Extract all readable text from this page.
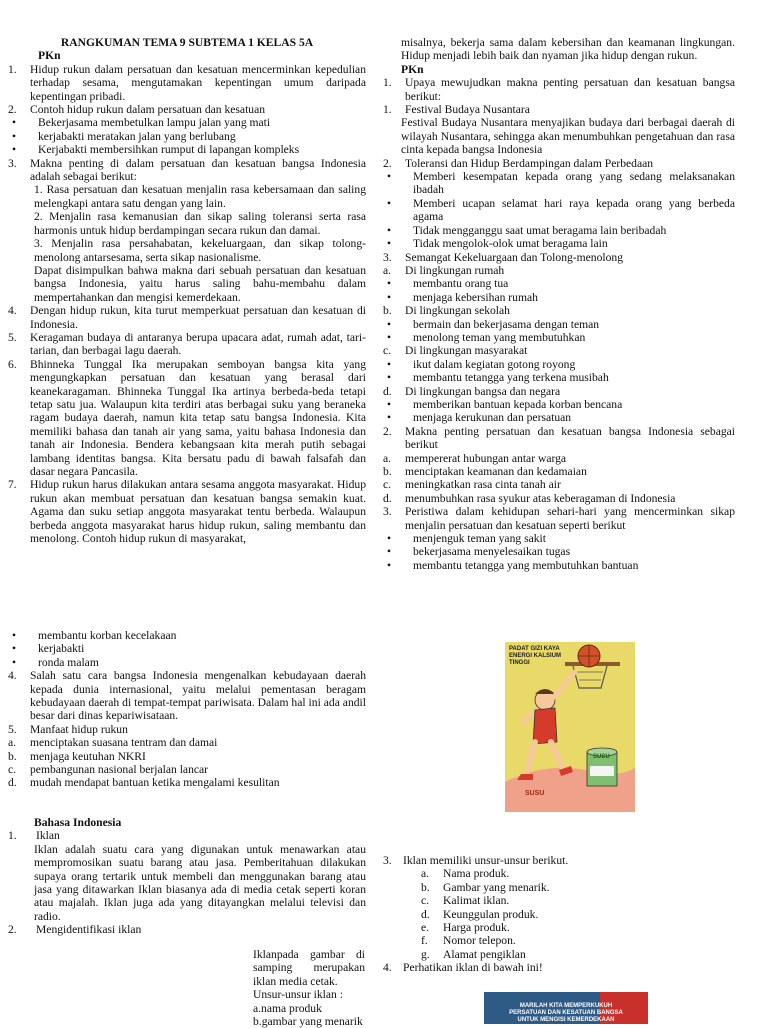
RANGKUMAN TEMA 9 SUBTEMA 1 KELAS 5A
PKn
1.	Hidup rukun dalam persatuan dan kesatuan mencerminkan kepedulian terhadap sesama, mengutamakan kepentingan umum daripada kepentingan pribadi.
2.	Contoh hidup rukun dalam persatuan dan kesatuan
•	Bekerjasama membetulkan lampu jalan yang mati
•	kerjabakti meratakan jalan yang berlubang
•	Kerjabakti membersihkan rumput di lapangan kompleks
3.	Makna penting di dalam persatuan dan kesatuan bangsa Indonesia adalah sebagai berikut:

1. Rasa persatuan dan kesatuan menjalin rasa kebersamaan dan saling melengkapi antara satu dengan yang lain.

2. Menjalin rasa kemanusian dan sikap saling toleransi serta rasa harmonis untuk hidup berdampingan secara rukun dan damai.

3. Menjalin rasa persahabatan, kekeluargaan, dan sikap tolong-menolong antarsesama, serta sikap nasionalisme.

Dapat disimpulkan bahwa makna dari sebuah persatuan dan kesatuan bangsa Indonesia, yaitu harus saling bahu-membahu dalam mempertahankan dan mengisi kemerdekaan.

4.	Dengan hidup rukun, kita turut memperkuat persatuan dan kesatuan di Indonesia.
5.	Keragaman budaya di antaranya berupa upacara adat, rumah adat, tari-tarian, dan berbagai lagu daerah.
6.	Bhinneka Tunggal Ika merupakan semboyan bangsa kita yang mengungkapkan persatuan dan kesatuan yang berasal dari keanekaragaman. Bhinneka Tunggal Ika artinya berbeda-beda tetapi tetap satu jua. Walaupun kita terdiri atas berbagai suku yang beraneka ragam budaya daerah, namun kita tetap satu bangsa Indonesia. Kita memiliki bahasa dan tanah air yang sama, yaitu bahasa Indonesia dan tanah air Indonesia. Bendera kebangsaan kita merah putih sebagai lambang identitas bangsa. Kita bersatu padu di bawah falsafah dan dasar negara Pancasila.
7.	Hidup rukun harus dilakukan antara sesama anggota masyarakat. Hidup rukun akan membuat persatuan dan kesatuan bangsa semakin kuat. Agama dan suku setiap anggota masyarakat tentu berbeda. Walaupun berbeda anggota masyarakat harus hidup rukun, saling membantu dan menolong. Contoh hidup rukun di masyarakat,

misalnya, bekerja sama dalam kebersihan dan keamanan lingkungan. Hidup menjadi lebih baik dan nyaman jika hidup dengan rukun.

PKn
1.	Upaya mewujudkan makna penting persatuan dan kesatuan bangsa berikut:
1.	Festival Budaya Nusantara

Festival Budaya Nusantara menyajikan budaya dari berbagai daerah di wilayah Nusantara, sehingga akan menumbuhkan pengetahuan dan rasa cinta kepada bangsa Indonesia

2.	Toleransi dan Hidup Berdampingan dalam Perbedaan
•	Memberi kesempatan kepada orang yang sedang melaksanakan ibadah
•	Memberi ucapan selamat hari raya kepada orang yang berbeda agama
•	Tidak mengganggu saat umat beragama lain beribadah
•	Tidak mengolok-olok umat beragama lain
3.	Semangat Kekeluargaan dan Tolong-menolong
a.	Di lingkungan rumah
•	membantu orang tua
•	menjaga kebersihan rumah
b.	Di lingkungan sekolah
•	bermain dan bekerjasama dengan teman
•	menolong teman yang membutuhkan
c.	Di lingkungan masyarakat
•	ikut dalam kegiatan gotong royong
•	membantu tetangga yang terkena musibah
d.	Di lingkungan bangsa dan negara
•	memberikan bantuan kepada korban bencana
•	menjaga kerukunan dan persatuan
2.	Makna penting persatuan dan kesatuan bangsa Indonesia sebagai berikut
a.	mempererat hubungan antar warga
b.	menciptakan keamanan dan kedamaian
c.	meningkatkan rasa cinta tanah air
d.	menumbuhkan rasa syukur atas keberagaman di Indonesia
3.	Peristiwa dalam kehidupan sehari-hari yang mencerminkan sikap menjalin persatuan dan kesatuan seperti berikut
•	menjenguk teman yang sakit
•	bekerjasama menyelesaikan tugas
•	membantu tetangga yang membutuhkan bantuan
•	membantu korban kecelakaan
•	kerjabakti
•	ronda malam
4.	Salah satu cara bangsa Indonesia mengenalkan kebudayaan daerah kepada dunia internasional, yaitu melalui pementasan beragam kebudayaan daerah di tempat-tempat pariwisata. Dalam hal ini ada andil besar dari dinas kepariwisataan.
5.	Manfaat hidup rukun
a.	menciptakan suasana tentram dan damai
b.	menjaga keutuhan NKRI
c.	pembangunan nasional berjalan lancar
d.	mudah mendapat bantuan ketika mengalami kesulitan
PADAT GIZI KAYA ENERGI KALSIUM TINGGI
SUSU
SUSU
Bahasa Indonesia
1.	Iklan

Iklan adalah suatu cara yang digunakan untuk menawarkan atau mempromosikan suatu barang atau jasa. Pemberitahuan dilakukan supaya orang tertarik untuk membeli dan menggunakan barang atau jasa yang ditawarkan Iklan biasanya ada di media cetak seperti koran atau majalah. Iklan juga ada yang ditayangkan melalui televisi dan radio.

2.	Mengidentifikasi iklan

Iklanpada gambar di samping merupakan iklan media cetak.

Unsur-unsur iklan :
a.nama produk
b.gambar yang menarik
3. Iklan memiliki unsur-unsur berikut.
a.	Nama produk.
b.	Gambar yang menarik.
c.	Kalimat iklan.
d.	Keunggulan produk.
e.	Harga produk.
f.	Nomor telepon.
g.	Alamat pengiklan
4. Perhatikan iklan di bawah ini!
MARILAH KITA MEMPERKUKUH
PERSATUAN DAN KESATUAN BANGSA
UNTUK MENGISI KEMERDEKAAN
